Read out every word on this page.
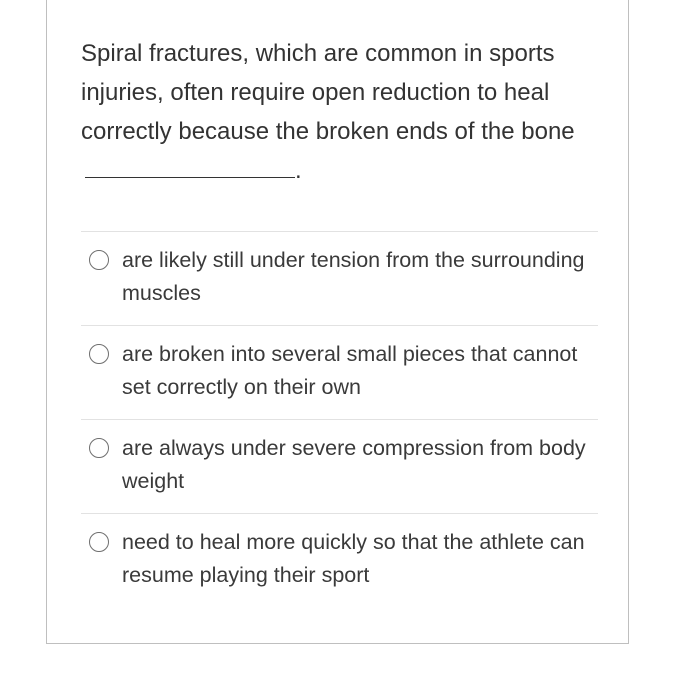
Spiral fractures, which are common in sports injuries, often require open reduction to heal correctly because the broken ends of the bone .
are likely still under tension from the surrounding muscles
are broken into several small pieces that cannot set correctly on their own
are always under severe compression from body weight
need to heal more quickly so that the athlete can resume playing their sport
